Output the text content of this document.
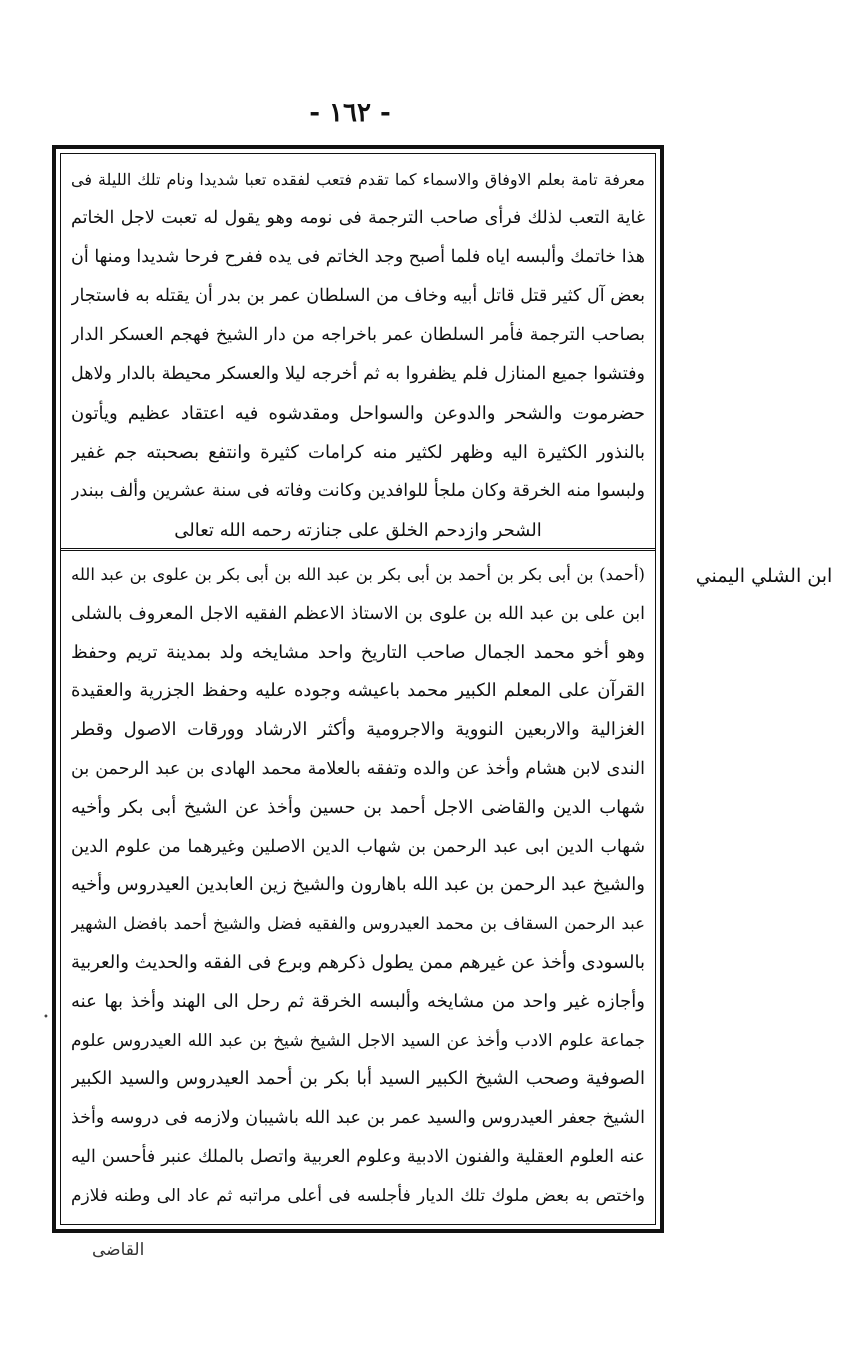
- ١٦٢ -

معرفة تامة بعلم الاوفاق والاسماء كما تقدم فتعب لفقده تعبا شديدا ونام تلك الليلة فى

غاية التعب لذلك فرأى صاحب الترجمة فى نومه وهو يقول له تعبت لاجل الخاتم

هذا خاتمك وألبسه اياه فلما أصبح وجد الخاتم فى يده ففرح فرحا شديدا ومنها أن

بعض آل كثير قتل قاتل أبيه وخاف من السلطان عمر بن بدر أن يقتله به فاستجار

بصاحب الترجمة فأمر السلطان عمر باخراجه من دار الشيخ فهجم العسكر الدار

وفتشوا جميع المنازل فلم يظفروا به ثم أخرجه ليلا والعسكر محيطة بالدار ولاهل

حضرموت والشحر والدوعن والسواحل ومقدشوه فيه اعتقاد عظيم ويأتون

بالنذور الكثيرة اليه وظهر لكثير منه كرامات كثيرة وانتفع بصحبته جم غفير

ولبسوا منه الخرقة وكان ملجأ للوافدين وكانت وفاته فى سنة عشرين وألف ببندر

الشحر وازدحم الخلق على جنازته رحمه الله تعالى

(أحمد) بن أبى بكر بن أحمد بن أبى بكر بن عبد الله بن أبى بكر بن علوى بن عبد الله

ابن على بن عبد الله بن علوى بن الاستاذ الاعظم الفقيه الاجل المعروف بالشلى

وهو أخو محمد الجمال صاحب التاريخ واحد مشايخه ولد بمدينة تريم وحفظ

القرآن على المعلم الكبير محمد باعيشه وجوده عليه وحفظ الجزرية والعقيدة

الغزالية والاربعين النووية والاجرومية وأكثر الارشاد وورقات الاصول وقطر

الندى لابن هشام وأخذ عن والده وتفقه بالعلامة محمد الهادى بن عبد الرحمن بن

شهاب الدين والقاضى الاجل أحمد بن حسين وأخذ عن الشيخ أبى بكر وأخيه

شهاب الدين ابى عبد الرحمن بن شهاب الدين الاصلين وغيرهما من علوم الدين

والشيخ عبد الرحمن بن عبد الله باهارون والشيخ زين العابدين العيدروس وأخيه

عبد الرحمن السقاف بن محمد العيدروس والفقيه فضل والشيخ أحمد بافضل الشهير

بالسودى وأخذ عن غيرهم ممن يطول ذكرهم وبرع فى الفقه والحديث والعربية

وأجازه غير واحد من مشايخه وألبسه الخرقة ثم رحل الى الهند وأخذ بها عنه

جماعة علوم الادب وأخذ عن السيد الاجل الشيخ شيخ بن عبد الله العيدروس علوم

الصوفية وصحب الشيخ الكبير السيد أبا بكر بن أحمد العيدروس والسيد الكبير

الشيخ جعفر العيدروس والسيد عمر بن عبد الله باشيبان ولازمه فى دروسه وأخذ

عنه العلوم العقلية والفنون الادبية وعلوم العربية واتصل بالملك عنبر فأحسن اليه

واختص به بعض ملوك تلك الديار فأجلسه فى أعلى مراتبه ثم عاد الى وطنه فلازم

ابن الشلي اليمني
القاضى
•
